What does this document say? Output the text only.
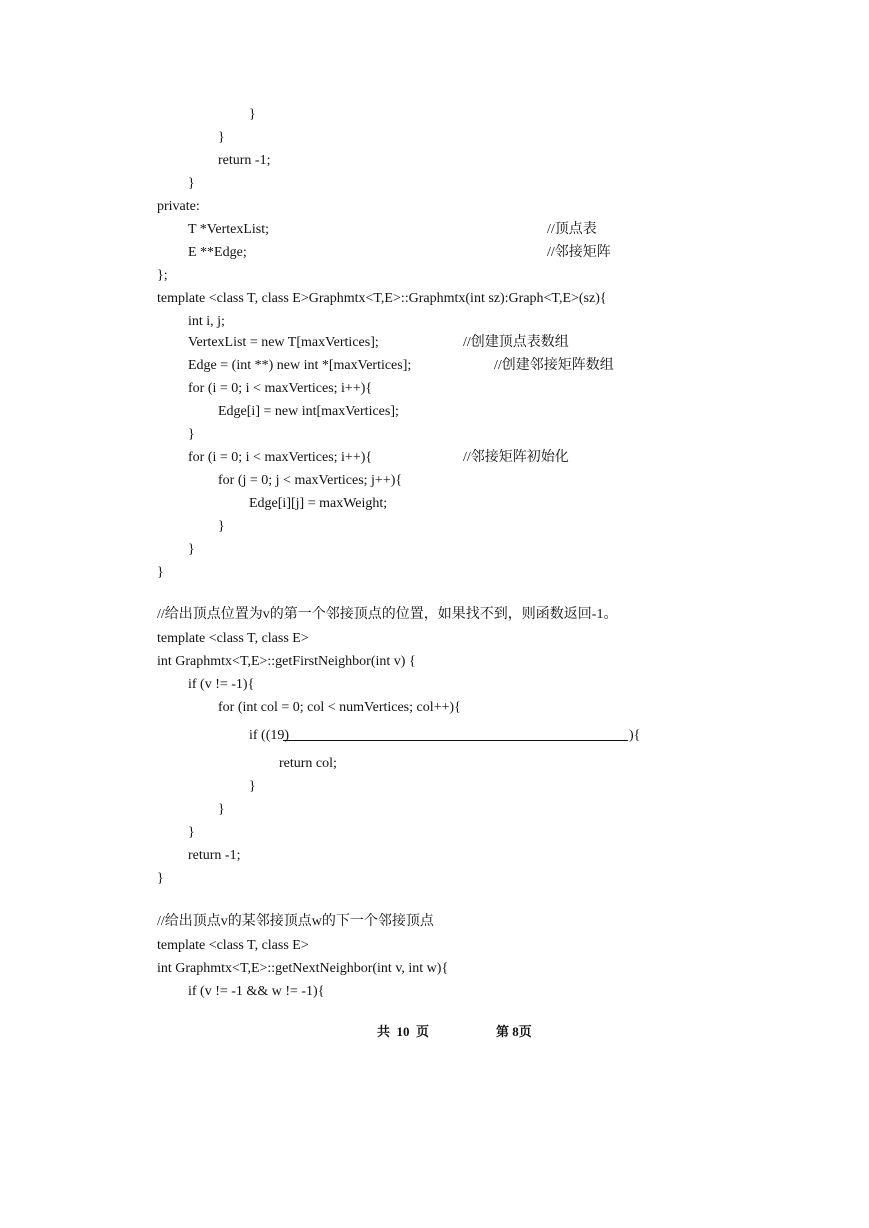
}
}
return -1;
}
private:
T *VertexList;	//顶点表
E **Edge;	//邻接矩阵
};
template <class T, class E>Graphmtx<T,E>::Graphmtx(int sz):Graph<T,E>(sz){
int i, j;
VertexList = new T[maxVertices];	//创建顶点表数组
Edge = (int **) new int *[maxVertices];	//创建邻接矩阵数组
for (i = 0; i < maxVertices; i++){
Edge[i] = new int[maxVertices];
}
for (i = 0; i < maxVertices; i++){	//邻接矩阵初始化
for (j = 0; j < maxVertices; j++){
Edge[i][j] = maxWeight;
}
}
}
//给出顶点位置为v的第一个邻接顶点的位置，如果找不到，则函数返回-1。
template <class T, class E>
int Graphmtx<T,E>::getFirstNeighbor(int v) {
if (v != -1){
for (int col = 0; col < numVertices; col++){
if ((19)	){
return col;
}
}
}
return -1;
}
//给出顶点v的某邻接顶点w的下一个邻接顶点
template <class T, class E>
int Graphmtx<T,E>::getNextNeighbor(int v, int w){
if (v != -1 && w != -1){
共  10  页	第 8页
